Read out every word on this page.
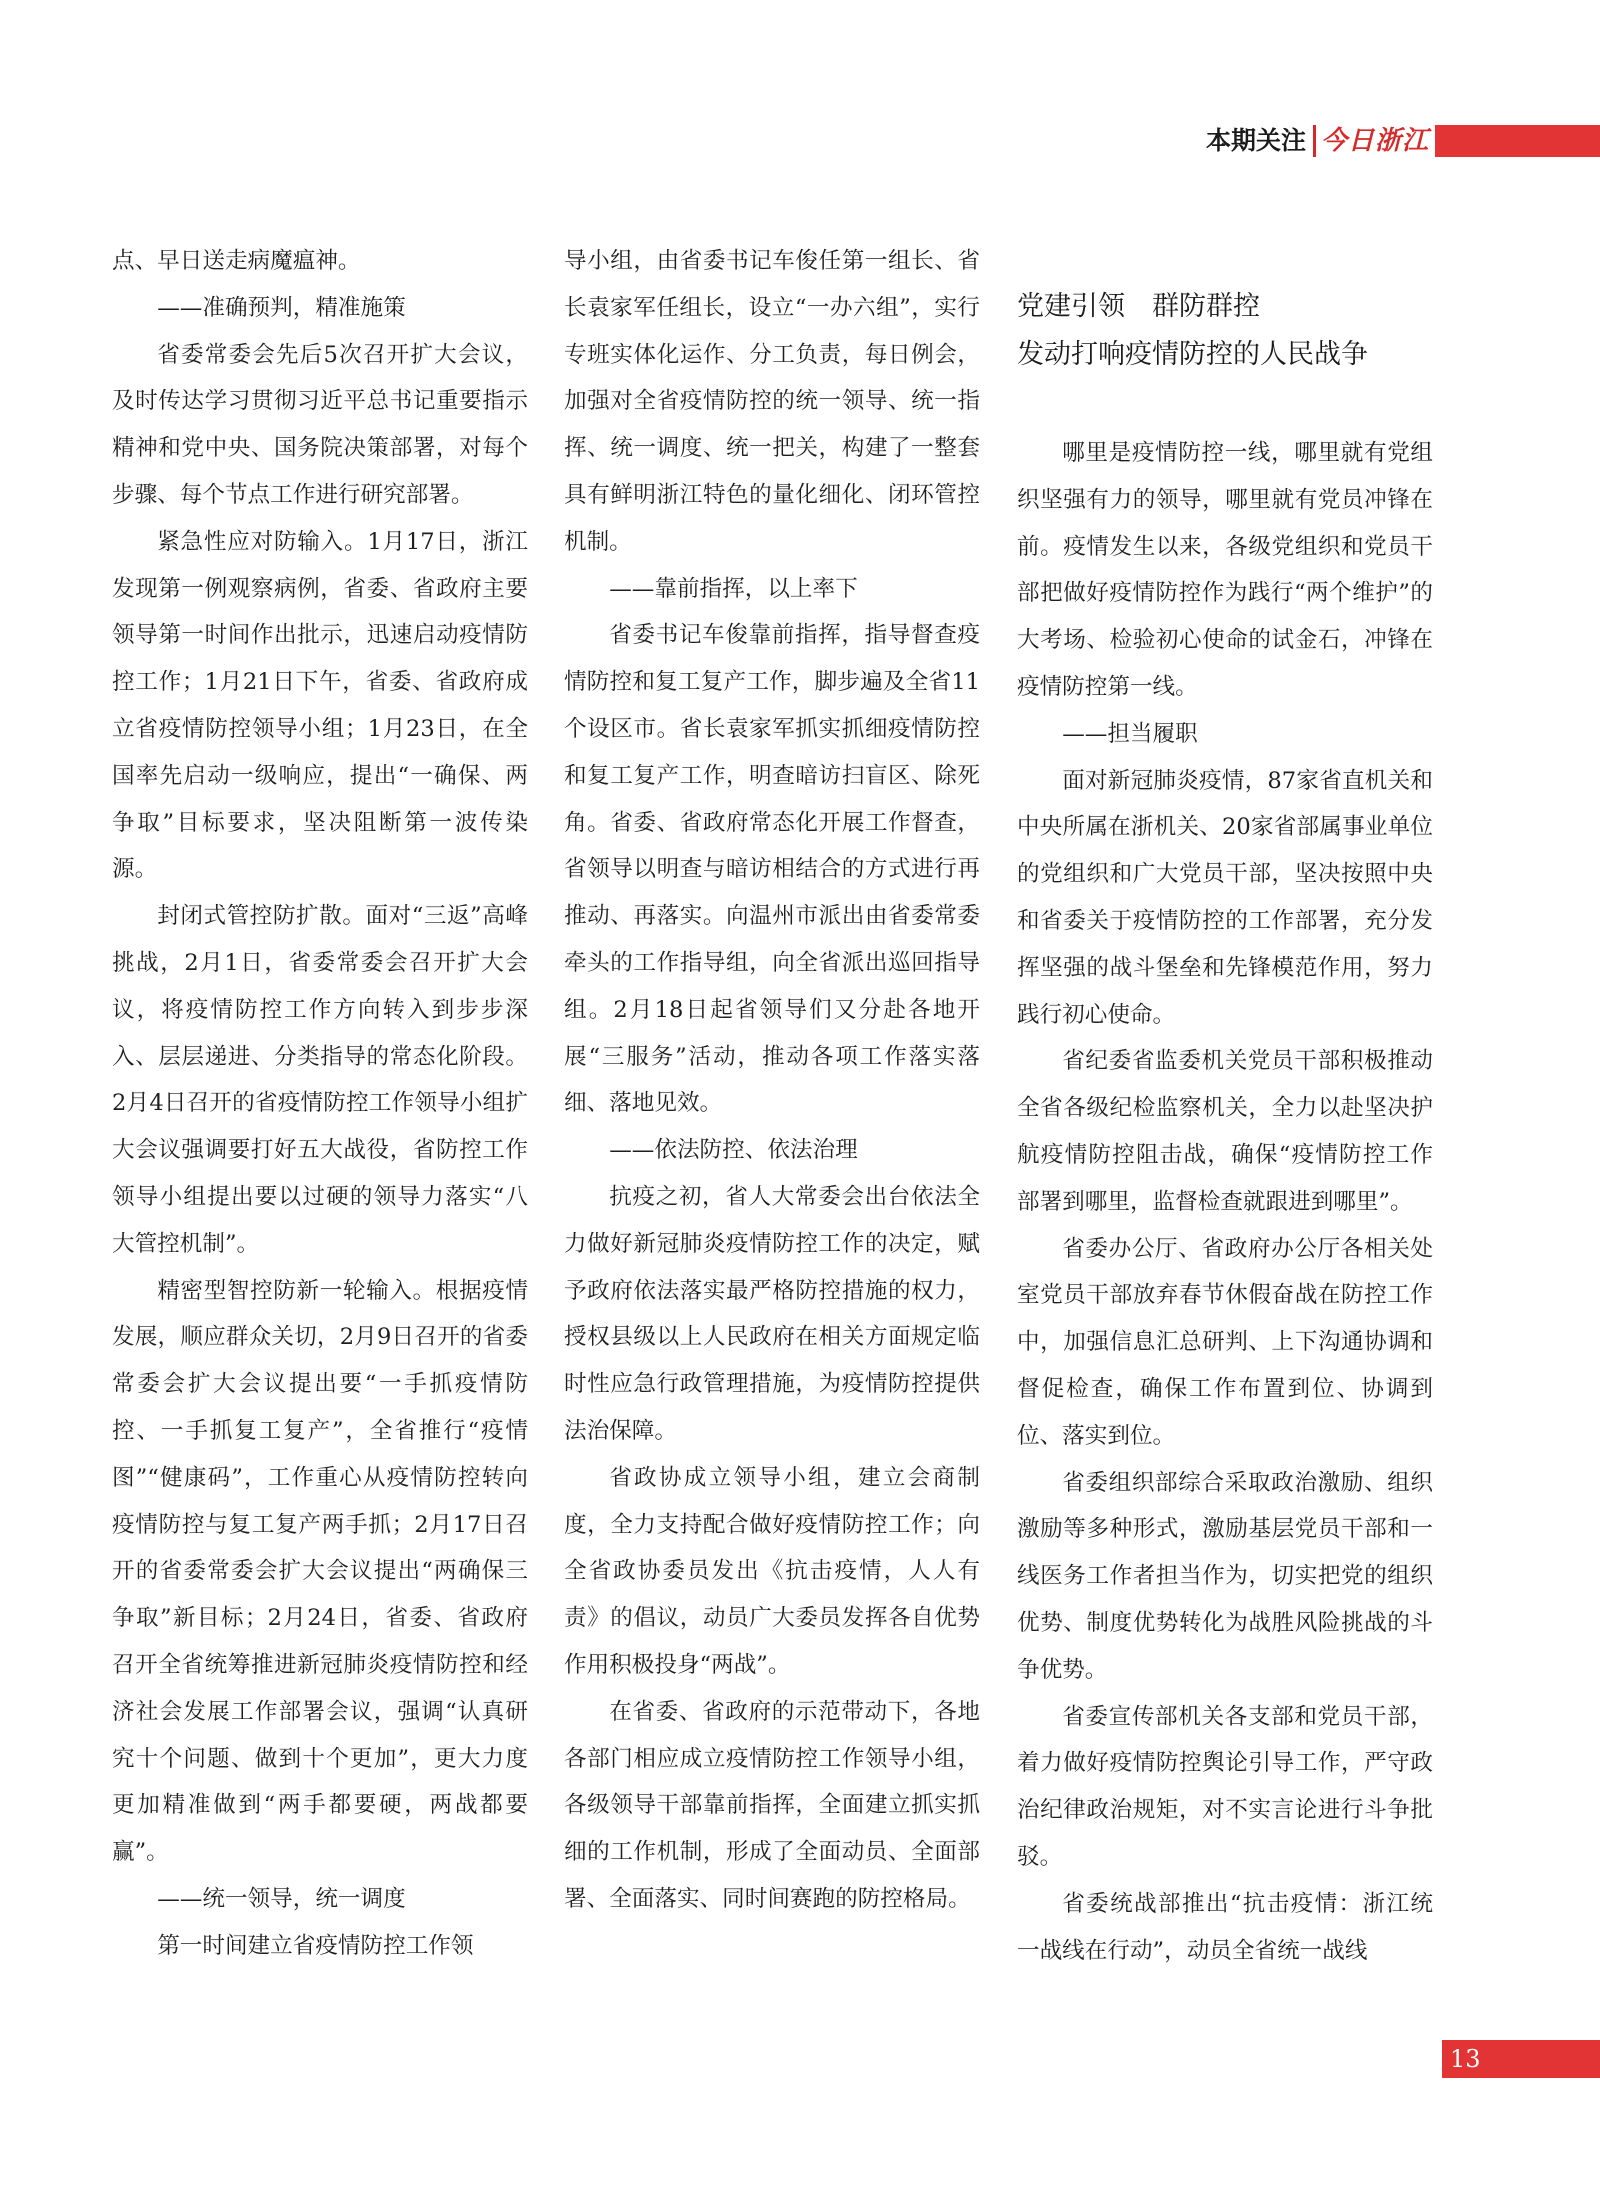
本期关注 今日浙江

点、早日送走病魔瘟神。

——准确预判，精准施策

省委常委会先后5次召开扩大会议，及时传达学习贯彻习近平总书记重要指示精神和党中央、国务院决策部署，对每个步骤、每个节点工作进行研究部署。

紧急性应对防输入。1月17日，浙江发现第一例观察病例，省委、省政府主要领导第一时间作出批示，迅速启动疫情防控工作；1月21日下午，省委、省政府成立省疫情防控领导小组；1月23日，在全国率先启动一级响应，提出“一确保、两争取”目标要求，坚决阻断第一波传染源。

封闭式管控防扩散。面对“三返”高峰挑战，2月1日，省委常委会召开扩大会议，将疫情防控工作方向转入到步步深入、层层递进、分类指导的常态化阶段。2月4日召开的省疫情防控工作领导小组扩大会议强调要打好五大战役，省防控工作领导小组提出要以过硬的领导力落实“八大管控机制”。

精密型智控防新一轮输入。根据疫情发展，顺应群众关切，2月9日召开的省委常委会扩大会议提出要“一手抓疫情防控、一手抓复工复产”，全省推行“疫情图”“健康码”，工作重心从疫情防控转向疫情防控与复工复产两手抓；2月17日召开的省委常委会扩大会议提出“两确保三争取”新目标；2月24日，省委、省政府召开全省统筹推进新冠肺炎疫情防控和经济社会发展工作部署会议，强调“认真研究十个问题、做到十个更加”，更大力度更加精准做到“两手都要硬，两战都要赢”。

——统一领导，统一调度

第一时间建立省疫情防控工作领

导小组，由省委书记车俊任第一组长、省长袁家军任组长，设立“一办六组”，实行专班实体化运作、分工负责，每日例会，加强对全省疫情防控的统一领导、统一指挥、统一调度、统一把关，构建了一整套具有鲜明浙江特色的量化细化、闭环管控机制。

——靠前指挥，以上率下

省委书记车俊靠前指挥，指导督查疫情防控和复工复产工作，脚步遍及全省11个设区市。省长袁家军抓实抓细疫情防控和复工复产工作，明查暗访扫盲区、除死角。省委、省政府常态化开展工作督查，省领导以明查与暗访相结合的方式进行再推动、再落实。向温州市派出由省委常委牵头的工作指导组，向全省派出巡回指导组。2月18日起省领导们又分赴各地开展“三服务”活动，推动各项工作落实落细、落地见效。

——依法防控、依法治理

抗疫之初，省人大常委会出台依法全力做好新冠肺炎疫情防控工作的决定，赋予政府依法落实最严格防控措施的权力，授权县级以上人民政府在相关方面规定临时性应急行政管理措施，为疫情防控提供法治保障。

省政协成立领导小组，建立会商制度，全力支持配合做好疫情防控工作；向全省政协委员发出《抗击疫情，人人有责》的倡议，动员广大委员发挥各自优势作用积极投身“两战”。

在省委、省政府的示范带动下，各地各部门相应成立疫情防控工作领导小组，各级领导干部靠前指挥，全面建立抓实抓细的工作机制，形成了全面动员、全面部署、全面落实、同时间赛跑的防控格局。

党建引领　群防群控
发动打响疫情防控的人民战争

哪里是疫情防控一线，哪里就有党组织坚强有力的领导，哪里就有党员冲锋在前。疫情发生以来，各级党组织和党员干部把做好疫情防控作为践行“两个维护”的大考场、检验初心使命的试金石，冲锋在疫情防控第一线。

——担当履职

面对新冠肺炎疫情，87家省直机关和中央所属在浙机关、20家省部属事业单位的党组织和广大党员干部，坚决按照中央和省委关于疫情防控的工作部署，充分发挥坚强的战斗堡垒和先锋模范作用，努力践行初心使命。

省纪委省监委机关党员干部积极推动全省各级纪检监察机关，全力以赴坚决护航疫情防控阻击战，确保“疫情防控工作部署到哪里，监督检查就跟进到哪里”。

省委办公厅、省政府办公厅各相关处室党员干部放弃春节休假奋战在防控工作中，加强信息汇总研判、上下沟通协调和督促检查，确保工作布置到位、协调到位、落实到位。

省委组织部综合采取政治激励、组织激励等多种形式，激励基层党员干部和一线医务工作者担当作为，切实把党的组织优势、制度优势转化为战胜风险挑战的斗争优势。

省委宣传部机关各支部和党员干部，着力做好疫情防控舆论引导工作，严守政治纪律政治规矩，对不实言论进行斗争批驳。

省委统战部推出“抗击疫情：浙江统一战线在行动”，动员全省统一战线

13
